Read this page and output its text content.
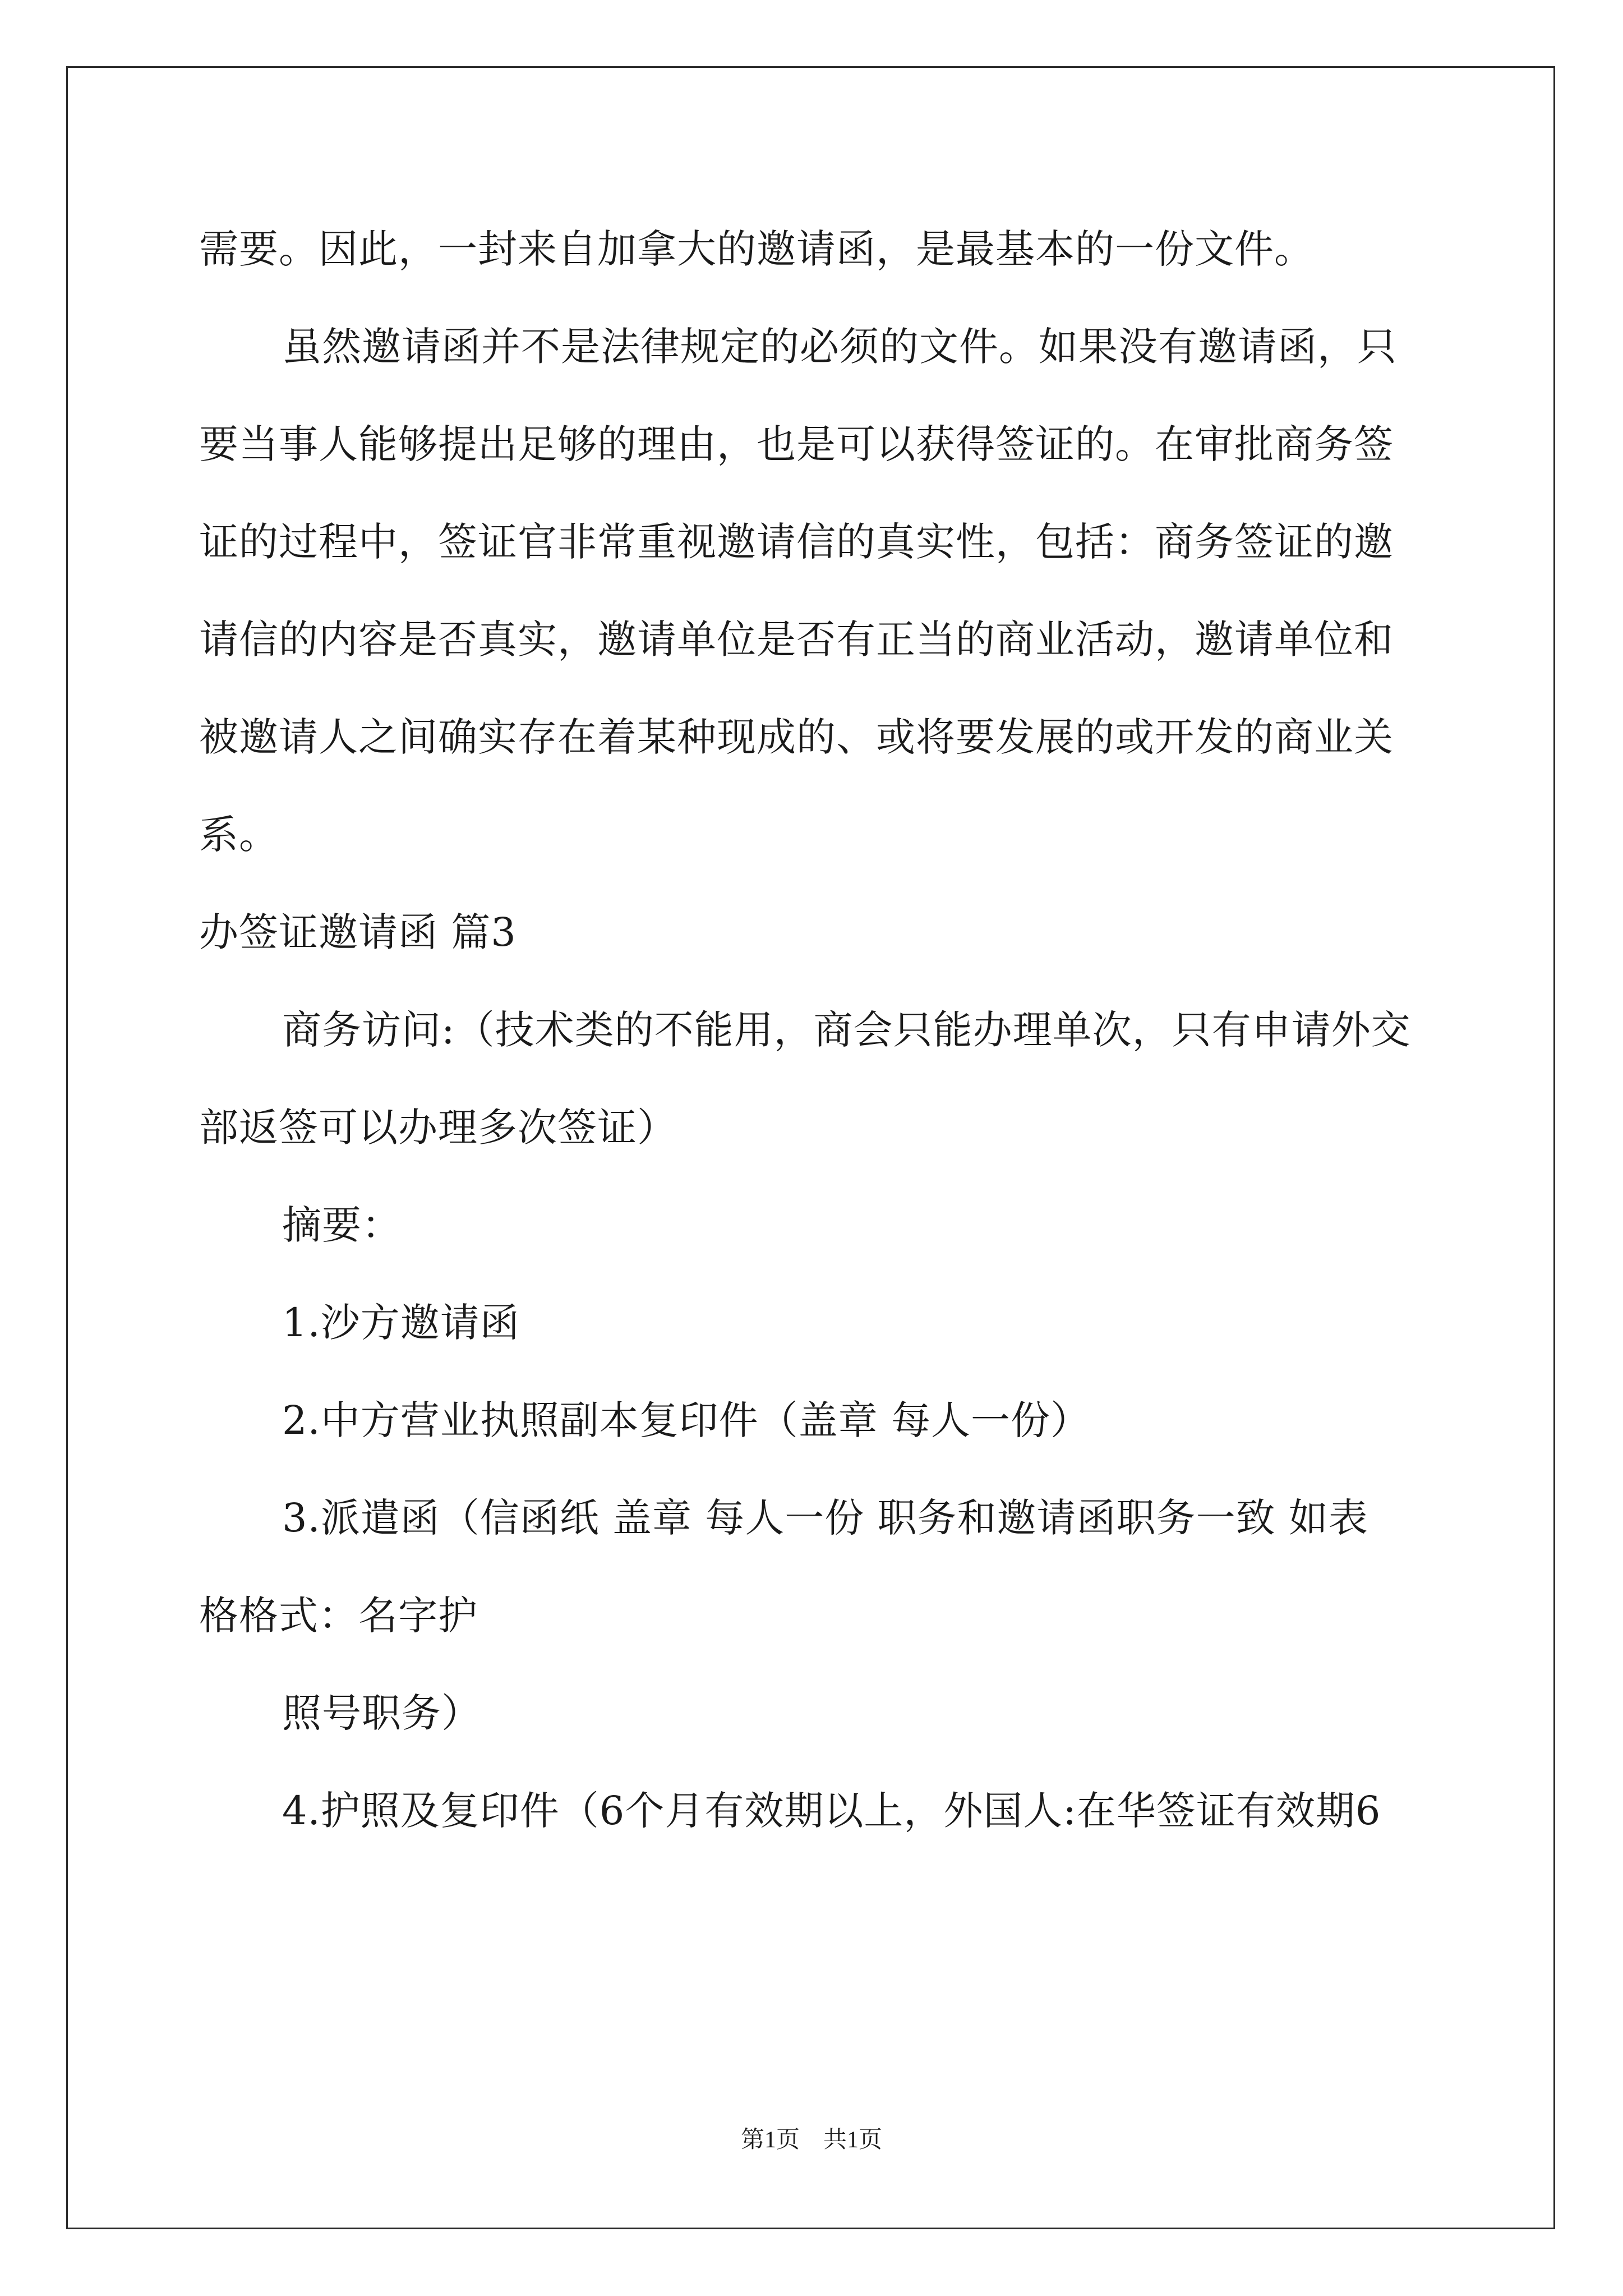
需要。因此，一封来自加拿大的邀请函，是最基本的一份文件。
虽然邀请函并不是法律规定的必须的文件。如果没有邀请函，只
要当事人能够提出足够的理由，也是可以获得签证的。在审批商务签
证的过程中，签证官非常重视邀请信的真实性，包括：商务签证的邀
请信的内容是否真实，邀请单位是否有正当的商业活动，邀请单位和
被邀请人之间确实存在着某种现成的、或将要发展的或开发的商业关
系。
办签证邀请函 篇3
商务访问:（技术类的不能用，商会只能办理单次，只有申请外交
部返签可以办理多次签证）
摘要：
1.沙方邀请函
2.中方营业执照副本复印件（盖章 每人一份）
3.派遣函（信函纸 盖章 每人一份 职务和邀请函职务一致 如表
格格式：名字护
照号职务）
4.护照及复印件（6个月有效期以上，外国人:在华签证有效期6
第1页　共1页
